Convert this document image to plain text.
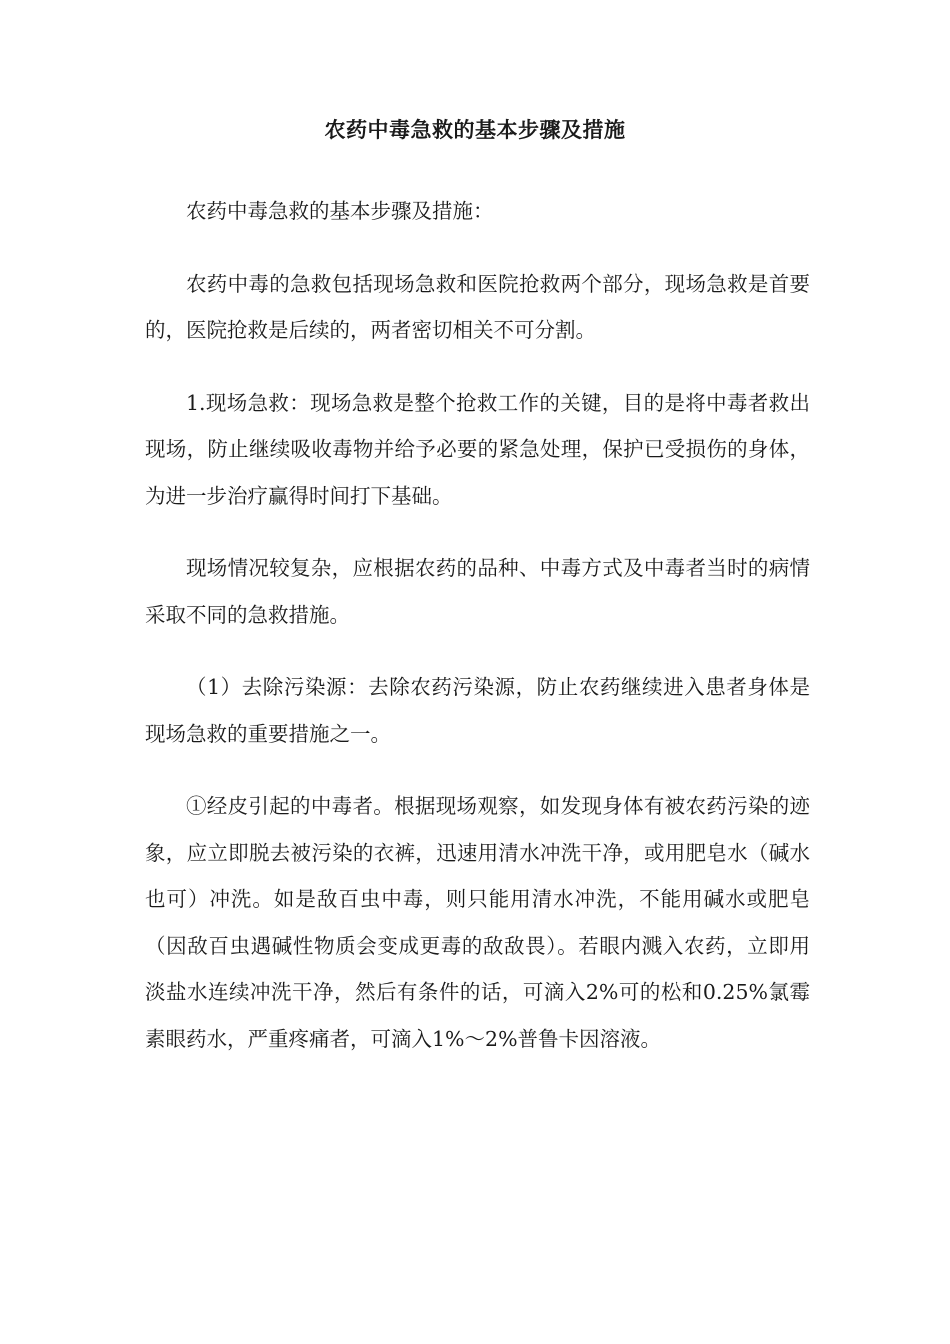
农药中毒急救的基本步骤及措施

农药中毒急救的基本步骤及措施：

农药中毒的急救包括现场急救和医院抢救两个部分，现场急救是首要的，医院抢救是后续的，两者密切相关不可分割。

1.现场急救：现场急救是整个抢救工作的关键，目的是将中毒者救出现场，防止继续吸收毒物并给予必要的紧急处理，保护已受损伤的身体，为进一步治疗赢得时间打下基础。

现场情况较复杂，应根据农药的品种、中毒方式及中毒者当时的病情采取不同的急救措施。

（1）去除污染源：去除农药污染源，防止农药继续进入患者身体是现场急救的重要措施之一。

①经皮引起的中毒者。根据现场观察，如发现身体有被农药污染的迹象，应立即脱去被污染的衣裤，迅速用清水冲洗干净，或用肥皂水（碱水也可）冲洗。如是敌百虫中毒，则只能用清水冲洗，不能用碱水或肥皂（因敌百虫遇碱性物质会变成更毒的敌敌畏）。若眼内溅入农药，立即用淡盐水连续冲洗干净，然后有条件的话，可滴入2%可的松和0.25%氯霉素眼药水，严重疼痛者，可滴入1%～2%普鲁卡因溶液。
